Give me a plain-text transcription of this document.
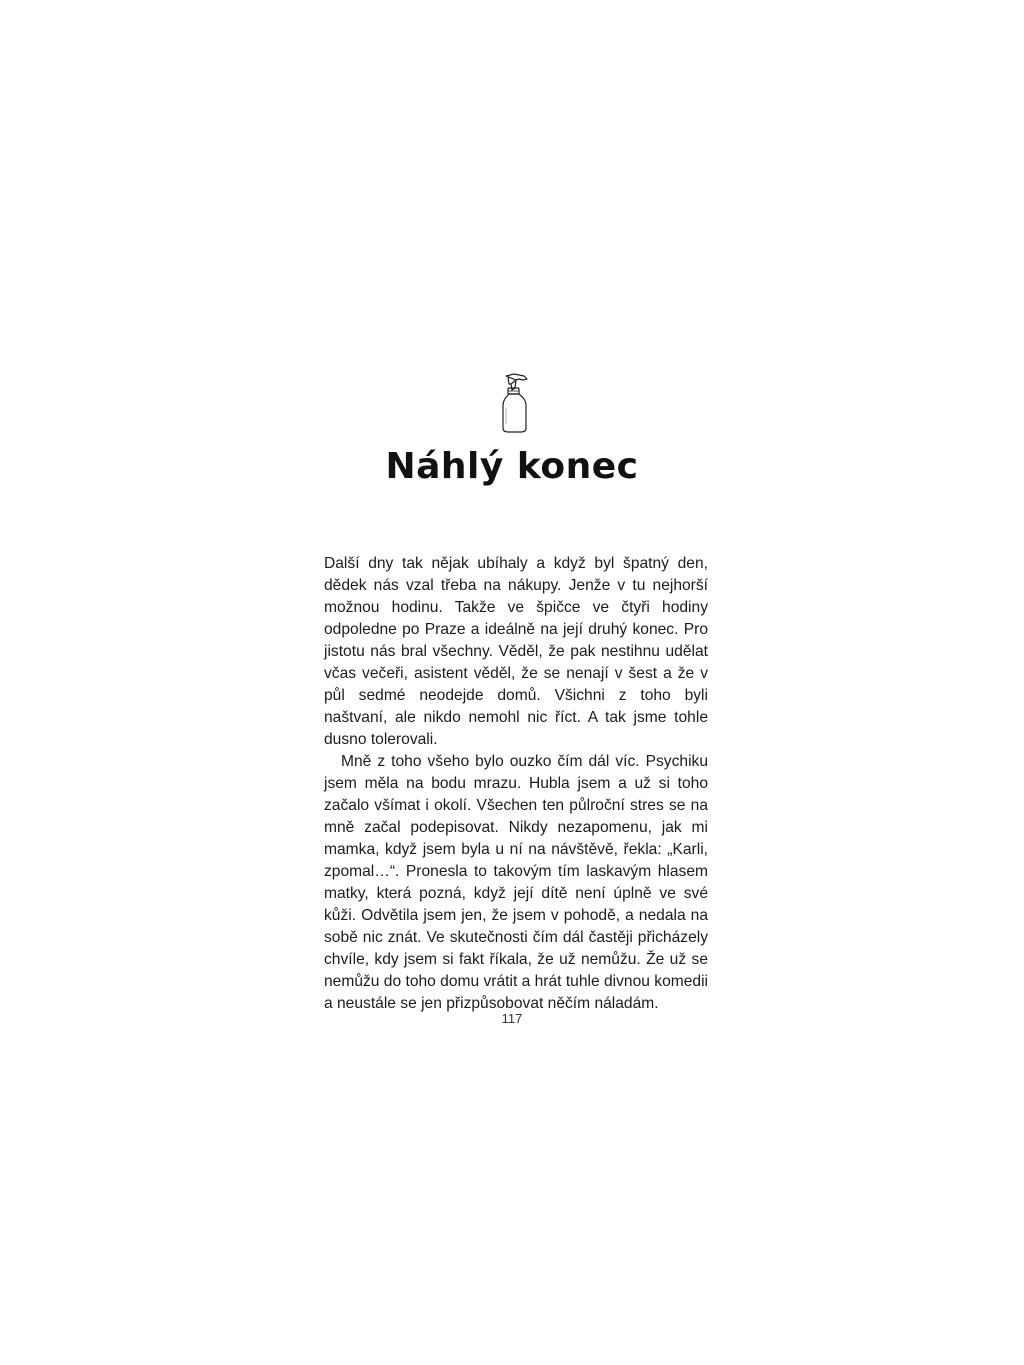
Náhlý konec

Další dny tak nějak ubíhaly a když byl špatný den, dědek nás vzal třeba na nákupy. Jenže v tu nejhorší možnou hodinu. Takže ve špičce ve čtyři hodiny odpoledne po Praze a ideálně na její druhý konec. Pro jistotu nás bral všechny. Věděl, že pak nestihnu udělat včas večeři, asistent věděl, že se nenají v šest a že v půl sedmé neodejde domů. Všichni z toho byli naštvaní, ale nikdo nemohl nic říct. A tak jsme tohle dusno tolerovali.

Mně z toho všeho bylo ouzko čím dál víc. Psychiku jsem měla na bodu mrazu. Hubla jsem a už si toho začalo všímat i okolí. Všechen ten půlroční stres se na mně začal podepisovat. Nikdy nezapomenu, jak mi mamka, když jsem byla u ní na návštěvě, řekla: „Karli, zpomal…“. Pronesla to takovým tím laskavým hlasem matky, která pozná, když její dítě není úplně ve své kůži. Odvětila jsem jen, že jsem v pohodě, a nedala na sobě nic znát. Ve skutečnosti čím dál častěji přicházely chvíle, kdy jsem si fakt říkala, že už nemůžu. Že už se nemůžu do toho domu vrátit a hrát tuhle divnou komedii a neustále se jen přizpůsobovat něčím náladám.

117
